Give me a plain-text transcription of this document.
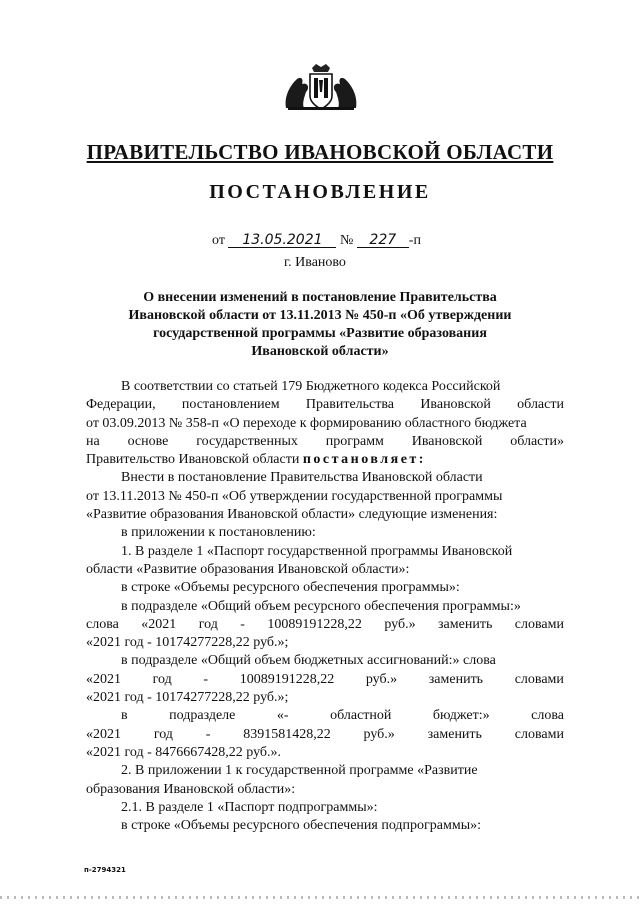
ПРАВИТЕЛЬСТВО ИВАНОВСКОЙ ОБЛАСТИ
ПОСТАНОВЛЕНИЕ
от 13.05.2021 № 227 -п
г. Иваново
О внесении изменений в постановление Правительства
Ивановской области от 13.11.2013 № 450-п «Об утверждении
государственной программы «Развитие образования
Ивановской области»
В соответствии со статьей 179 Бюджетного кодекса Российской
Федерации, постановлением Правительства Ивановской области
от 03.09.2013 № 358-п «О переходе к формированию областного бюджета
на основе государственных программ Ивановской области»
Правительство Ивановской области постановляет:
Внести в постановление Правительства Ивановской области
от 13.11.2013 № 450-п «Об утверждении государственной программы
«Развитие образования Ивановской области» следующие изменения:
в приложении к постановлению:
1. В разделе 1 «Паспорт государственной программы Ивановской
области «Развитие образования Ивановской области»:
в строке «Объемы ресурсного обеспечения программы»:
в подразделе «Общий объем ресурсного обеспечения программы:»
слова «2021 год - 10089191228,22 руб.» заменить словами
«2021 год - 10174277228,22 руб.»;
в подразделе «Общий объем бюджетных ассигнований:» слова
«2021 год - 10089191228,22 руб.» заменить словами
«2021 год - 10174277228,22 руб.»;
в	подразделе	«-	областной	бюджет:»	слова
«2021 год - 8391581428,22 руб.» заменить словами
«2021 год - 8476667428,22 руб.».
2. В приложении 1 к государственной программе «Развитие
образования Ивановской области»:
2.1. В разделе 1 «Паспорт подпрограммы»:
в строке «Объемы ресурсного обеспечения подпрограммы»:
п-2794321
